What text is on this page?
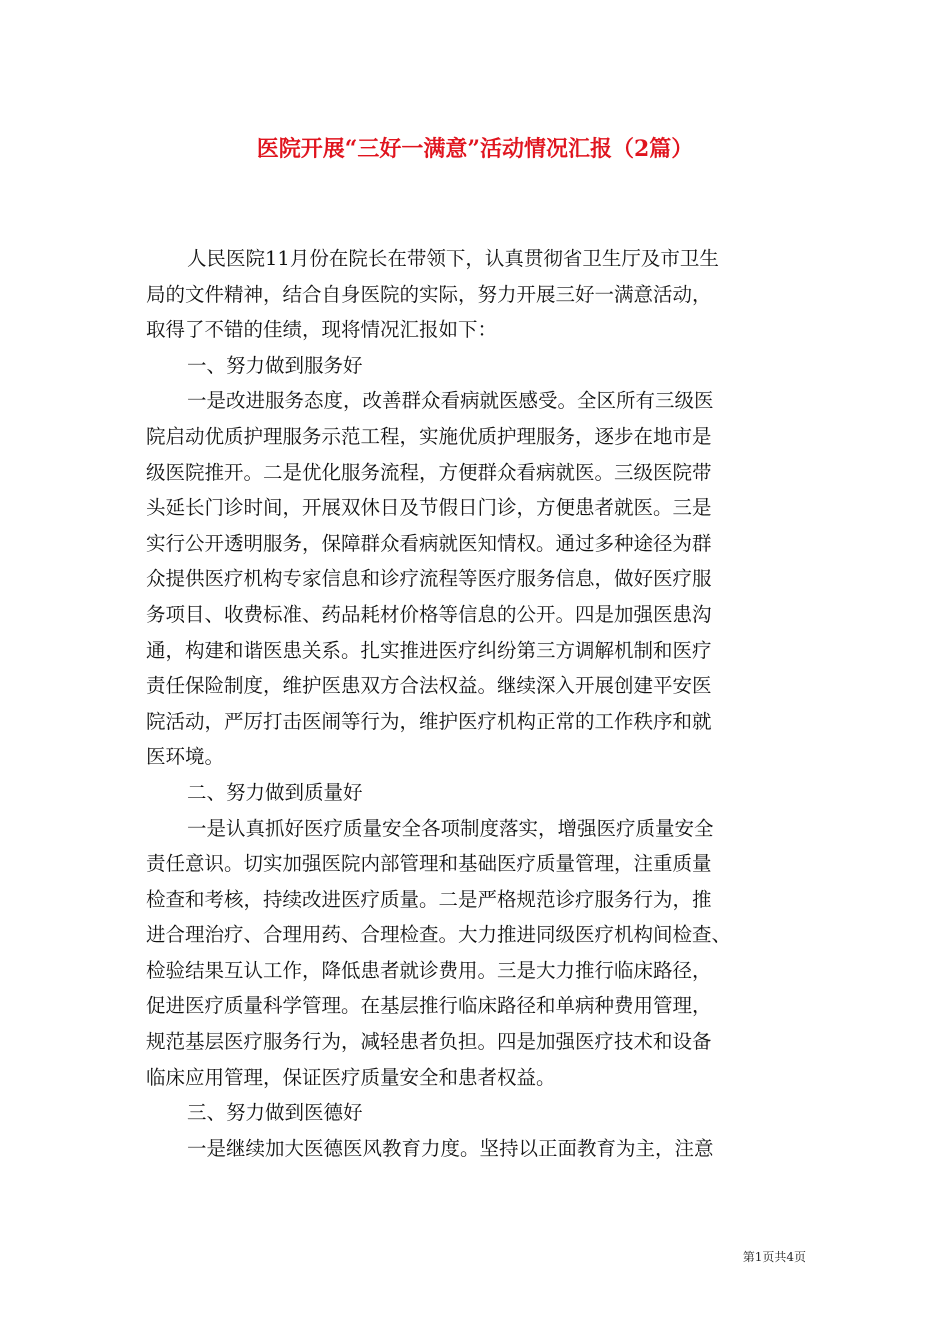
医院开展“三好一满意”活动情况汇报（2篇）
人民医院11月份在院长在带领下，认真贯彻省卫生厅及市卫生
局的文件精神，结合自身医院的实际，努力开展三好一满意活动，
取得了不错的佳绩，现将情况汇报如下：
一、努力做到服务好
一是改进服务态度，改善群众看病就医感受。全区所有三级医
院启动优质护理服务示范工程，实施优质护理服务，逐步在地市是
级医院推开。二是优化服务流程，方便群众看病就医。三级医院带
头延长门诊时间，开展双休日及节假日门诊，方便患者就医。三是
实行公开透明服务，保障群众看病就医知情权。通过多种途径为群
众提供医疗机构专家信息和诊疗流程等医疗服务信息，做好医疗服
务项目、收费标准、药品耗材价格等信息的公开。四是加强医患沟
通，构建和谐医患关系。扎实推进医疗纠纷第三方调解机制和医疗
责任保险制度，维护医患双方合法权益。继续深入开展创建平安医
院活动，严厉打击医闹等行为，维护医疗机构正常的工作秩序和就
医环境。
二、努力做到质量好
一是认真抓好医疗质量安全各项制度落实，增强医疗质量安全
责任意识。切实加强医院内部管理和基础医疗质量管理，注重质量
检查和考核，持续改进医疗质量。二是严格规范诊疗服务行为，推
进合理治疗、合理用药、合理检查。大力推进同级医疗机构间检查、
检验结果互认工作，降低患者就诊费用。三是大力推行临床路径，
促进医疗质量科学管理。在基层推行临床路径和单病种费用管理，
规范基层医疗服务行为，减轻患者负担。四是加强医疗技术和设备
临床应用管理，保证医疗质量安全和患者权益。
三、努力做到医德好
一是继续加大医德医风教育力度。坚持以正面教育为主，注意
第1页共4页
